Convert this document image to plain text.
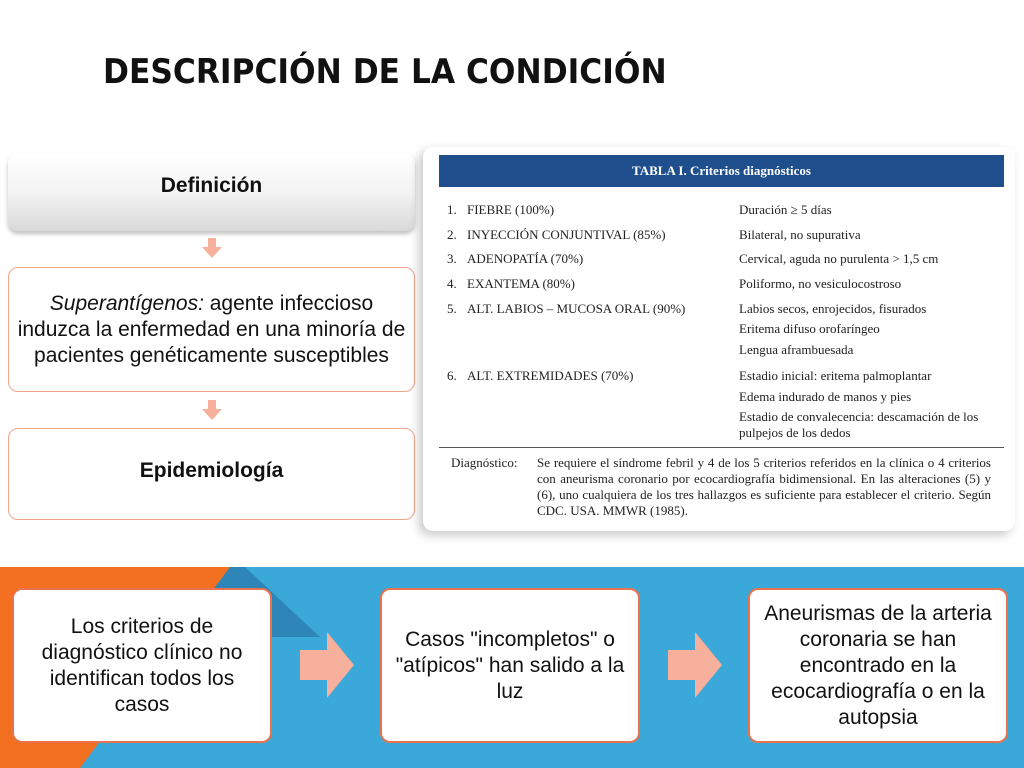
DESCRIPCIÓN DE LA CONDICIÓN
Definición
Superantígenos: agente infeccioso induzca la enfermedad en una minoría de pacientes genéticamente susceptibles
Epidemiología
TABLA I. Criterios diagnósticos
1. FIEBRE (100%)	Duración ≥ 5 días
2. INYECCIÓN CONJUNTIVAL (85%)	Bilateral, no supurativa
3. ADENOPATÍA (70%)	Cervical, aguda no purulenta > 1,5 cm
4. EXANTEMA (80%)	Poliformo, no vesiculocostroso
5. ALT. LABIOS – MUCOSA ORAL (90%)	Labios secos, enrojecidos, fisurados
Eritema difuso orofaríngeo
Lengua aframbuesada
6. ALT. EXTREMIDADES (70%)	Estadio inicial: eritema palmoplantar
Edema indurado de manos y pies
Estadio de convalecencia: descamación de los
pulpejos de los dedos
Diagnóstico: Se requiere el síndrome febril y 4 de los 5 criterios referidos en la clínica o 4 criterios con aneurisma coronario por ecocardiografía bidimensional. En las alteraciones (5) y (6), uno cualquiera de los tres hallazgos es suficiente para establecer el criterio. Según CDC. USA. MMWR (1985).
Los criterios de diagnóstico clínico no identifican todos los casos
Casos "incompletos" o "atípicos" han salido a la luz
Aneurismas de la arteria coronaria se han encontrado en la ecocardiografía o en la autopsia
